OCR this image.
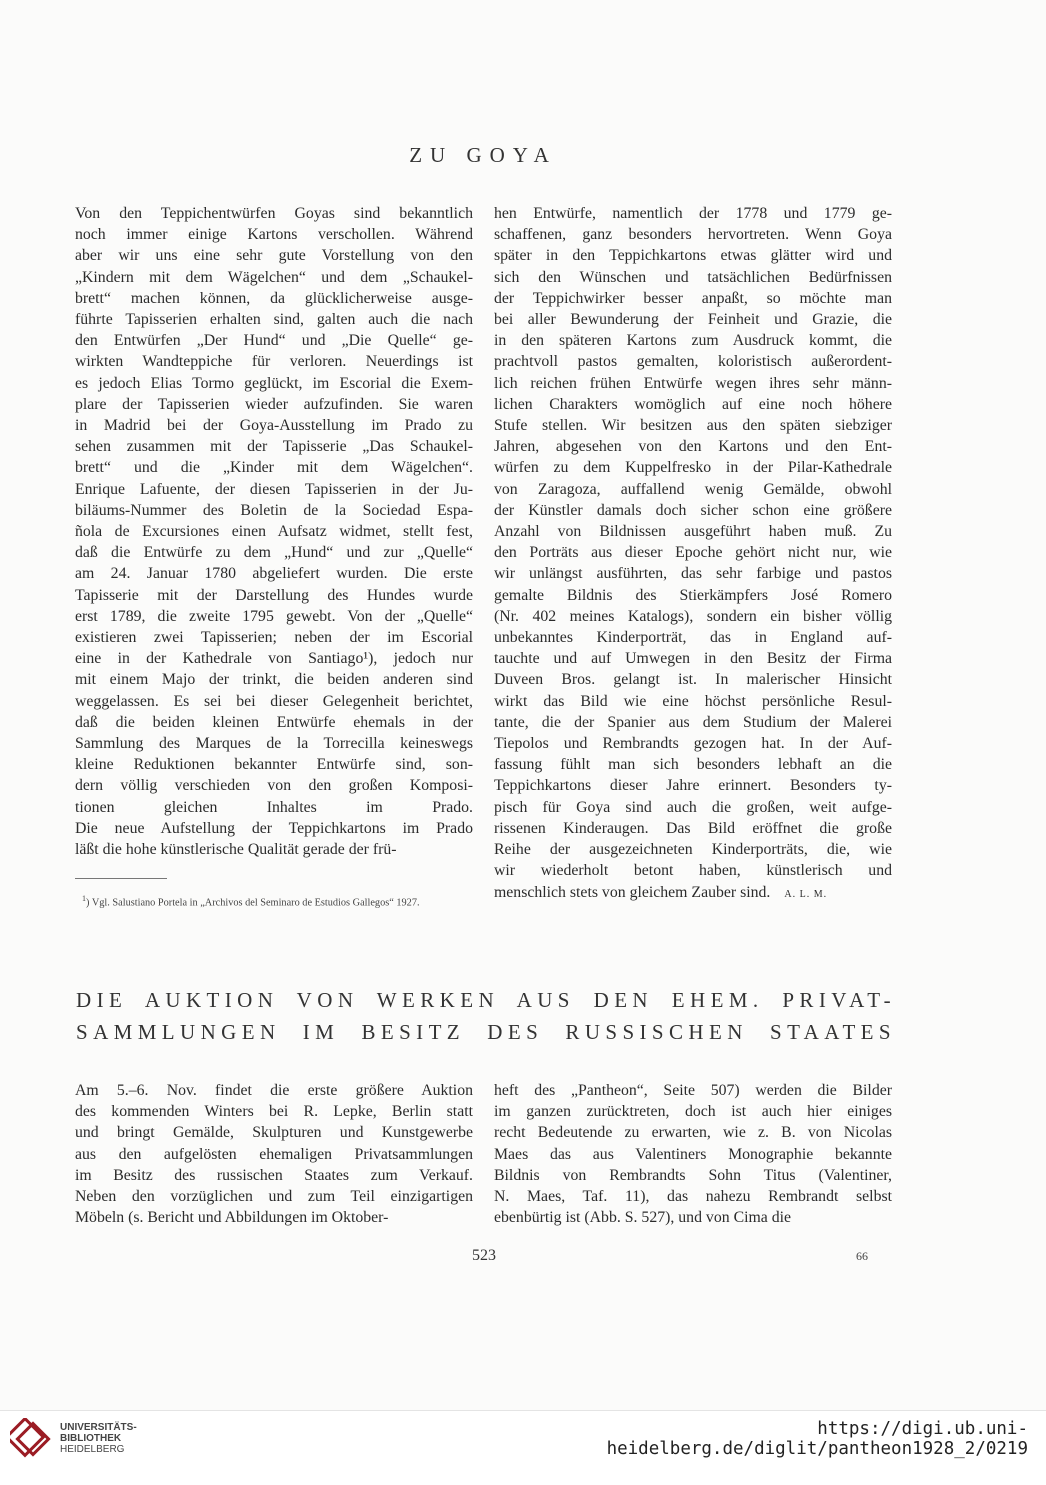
ZU GOYA
Von den Teppichentwürfen Goyas sind bekanntlich
noch immer einige Kartons verschollen. Während
aber wir uns eine sehr gute Vorstellung von den
„Kindern mit dem Wägelchen“ und dem „Schaukel-
brett“ machen können, da glücklicherweise ausge-
führte Tapisserien erhalten sind, galten auch die nach
den Entwürfen „Der Hund“ und „Die Quelle“ ge-
wirkten Wandteppiche für verloren. Neuerdings ist
es jedoch Elias Tormo geglückt, im Escorial die Exem-
plare der Tapisserien wieder aufzufinden. Sie waren
in Madrid bei der Goya-Ausstellung im Prado zu
sehen zusammen mit der Tapisserie „Das Schaukel-
brett“ und die „Kinder mit dem Wägelchen“.
Enrique Lafuente, der diesen Tapisserien in der Ju-
biläums-Nummer des Boletin de la Sociedad Espa-
ñola de Excursiones einen Aufsatz widmet, stellt fest,
daß die Entwürfe zu dem „Hund“ und zur „Quelle“
am 24. Januar 1780 abgeliefert wurden. Die erste
Tapisserie mit der Darstellung des Hundes wurde
erst 1789, die zweite 1795 gewebt. Von der „Quelle“
existieren zwei Tapisserien; neben der im Escorial
eine in der Kathedrale von Santiago¹), jedoch nur
mit einem Majo der trinkt, die beiden anderen sind
weggelassen. Es sei bei dieser Gelegenheit berichtet,
daß die beiden kleinen Entwürfe ehemals in der
Sammlung des Marques de la Torrecilla keineswegs
kleine Reduktionen bekannter Entwürfe sind, son-
dern völlig verschieden von den großen Komposi-
tionen gleichen Inhaltes im Prado.
Die neue Aufstellung der Teppichkartons im Prado
läßt die hohe künstlerische Qualität gerade der frü-
hen Entwürfe, namentlich der 1778 und 1779 ge-
schaffenen, ganz besonders hervortreten. Wenn Goya
später in den Teppichkartons etwas glätter wird und
sich den Wünschen und tatsächlichen Bedürfnissen
der Teppichwirker besser anpaßt, so möchte man
bei aller Bewunderung der Feinheit und Grazie, die
in den späteren Kartons zum Ausdruck kommt, die
prachtvoll pastos gemalten, koloristisch außerordent-
lich reichen frühen Entwürfe wegen ihres sehr männ-
lichen Charakters womöglich auf eine noch höhere
Stufe stellen. Wir besitzen aus den späten siebziger
Jahren, abgesehen von den Kartons und den Ent-
würfen zu dem Kuppelfresko in der Pilar-Kathedrale
von Zaragoza, auffallend wenig Gemälde, obwohl
der Künstler damals doch sicher schon eine größere
Anzahl von Bildnissen ausgeführt haben muß. Zu
den Porträts aus dieser Epoche gehört nicht nur, wie
wir unlängst ausführten, das sehr farbige und pastos
gemalte Bildnis des Stierkämpfers José Romero
(Nr. 402 meines Katalogs), sondern ein bisher völlig
unbekanntes Kinderporträt, das in England auf-
tauchte und auf Umwegen in den Besitz der Firma
Duveen Bros. gelangt ist. In malerischer Hinsicht
wirkt das Bild wie eine höchst persönliche Resul-
tante, die der Spanier aus dem Studium der Malerei
Tiepolos und Rembrandts gezogen hat. In der Auf-
fassung fühlt man sich besonders lebhaft an die
Teppichkartons dieser Jahre erinnert. Besonders ty-
pisch für Goya sind auch die großen, weit aufge-
rissenen Kinderaugen. Das Bild eröffnet die große
Reihe der ausgezeichneten Kinderporträts, die, wie
wir wiederholt betont haben, künstlerisch und
menschlich stets von gleichem Zauber sind. A. L. M.
$^1$) Vgl. Salustiano Portela in „Archivos del Seminaro de Estudios Gallegos“ 1927.
DIE AUKTION VON WERKEN AUS DEN EHEM. PRIVAT-
SAMMLUNGEN IM BESITZ DES RUSSISCHEN STAATES
Am 5.–6. Nov. findet die erste größere Auktion
des kommenden Winters bei R. Lepke, Berlin statt
und bringt Gemälde, Skulpturen und Kunstgewerbe
aus den aufgelösten ehemaligen Privatsammlungen
im Besitz des russischen Staates zum Verkauf.
Neben den vorzüglichen und zum Teil einzigartigen
Möbeln (s. Bericht und Abbildungen im Oktober-
heft des „Pantheon“, Seite 507) werden die Bilder
im ganzen zurücktreten, doch ist auch hier einiges
recht Bedeutende zu erwarten, wie z. B. von Nicolas
Maes das aus Valentiners Monographie bekannte
Bildnis von Rembrandts Sohn Titus (Valentiner,
N. Maes, Taf. 11), das nahezu Rembrandt selbst
ebenbürtig ist (Abb. S. 527), und von Cima die
523	66
UNIVERSITÄTS-
BIBLIOTHEK
HEIDELBERG
https://digi.ub.uni-heidelberg.de/diglit/pantheon1928_2/0219
